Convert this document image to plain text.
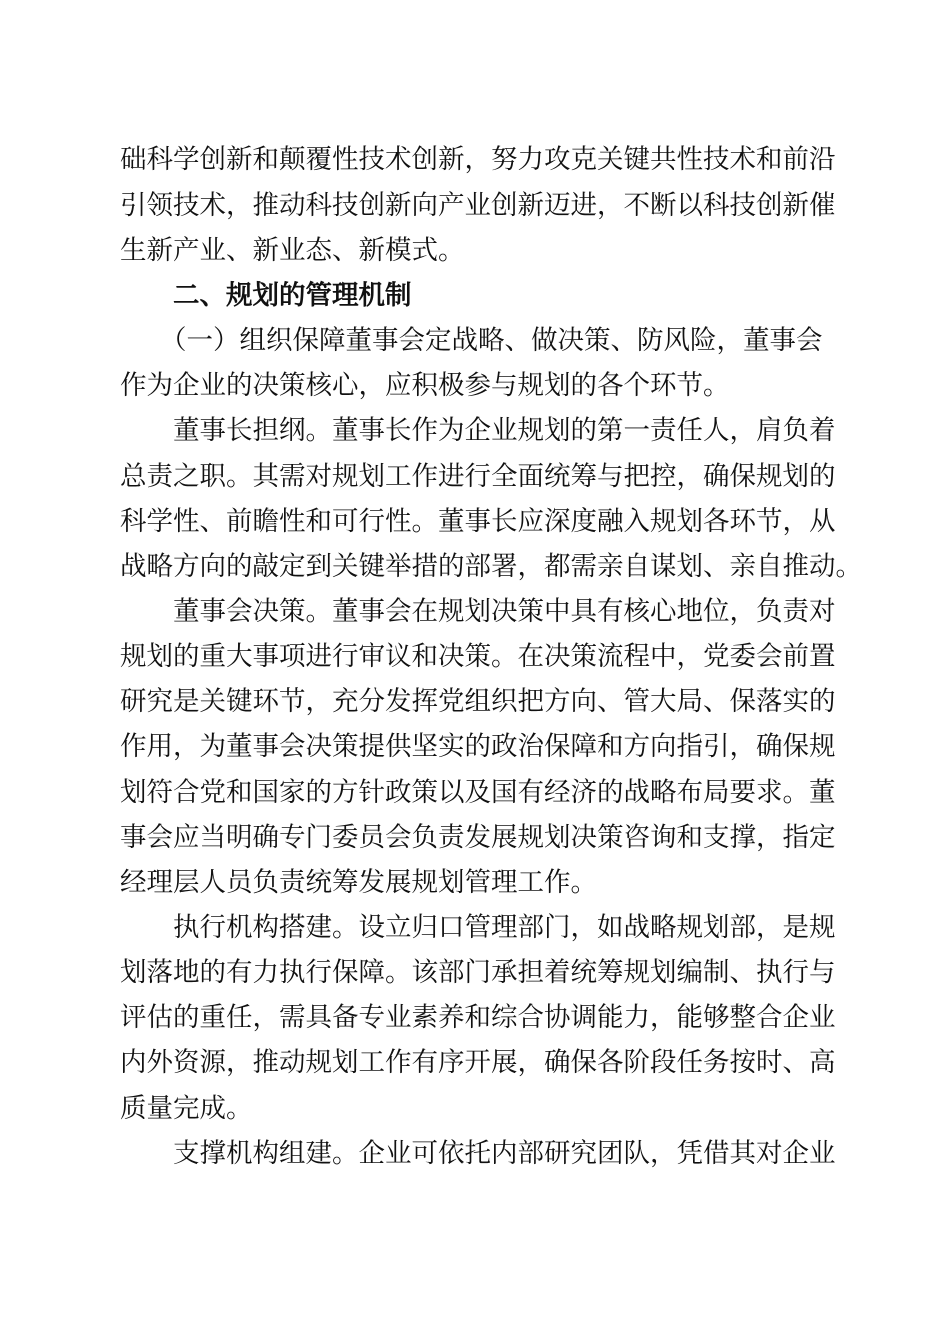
础科学创新和颠覆性技术创新，努力攻克关键共性技术和前沿
引领技术，推动科技创新向产业创新迈进，不断以科技创新催
生新产业、新业态、新模式。
二、规划的管理机制
（一）组织保障董事会定战略、做决策、防风险，董事会
作为企业的决策核心，应积极参与规划的各个环节。
董事长担纲。董事长作为企业规划的第一责任人，肩负着
总责之职。其需对规划工作进行全面统筹与把控，确保规划的
科学性、前瞻性和可行性。董事长应深度融入规划各环节，从
战略方向的敲定到关键举措的部署，都需亲自谋划、亲自推动。
董事会决策。董事会在规划决策中具有核心地位，负责对
规划的重大事项进行审议和决策。在决策流程中，党委会前置
研究是关键环节，充分发挥党组织把方向、管大局、保落实的
作用，为董事会决策提供坚实的政治保障和方向指引，确保规
划符合党和国家的方针政策以及国有经济的战略布局要求。董
事会应当明确专门委员会负责发展规划决策咨询和支撑，指定
经理层人员负责统筹发展规划管理工作。
执行机构搭建。设立归口管理部门，如战略规划部，是规
划落地的有力执行保障。该部门承担着统筹规划编制、执行与
评估的重任，需具备专业素养和综合协调能力，能够整合企业
内外资源，推动规划工作有序开展，确保各阶段任务按时、高
质量完成。
支撑机构组建。企业可依托内部研究团队，凭借其对企业
